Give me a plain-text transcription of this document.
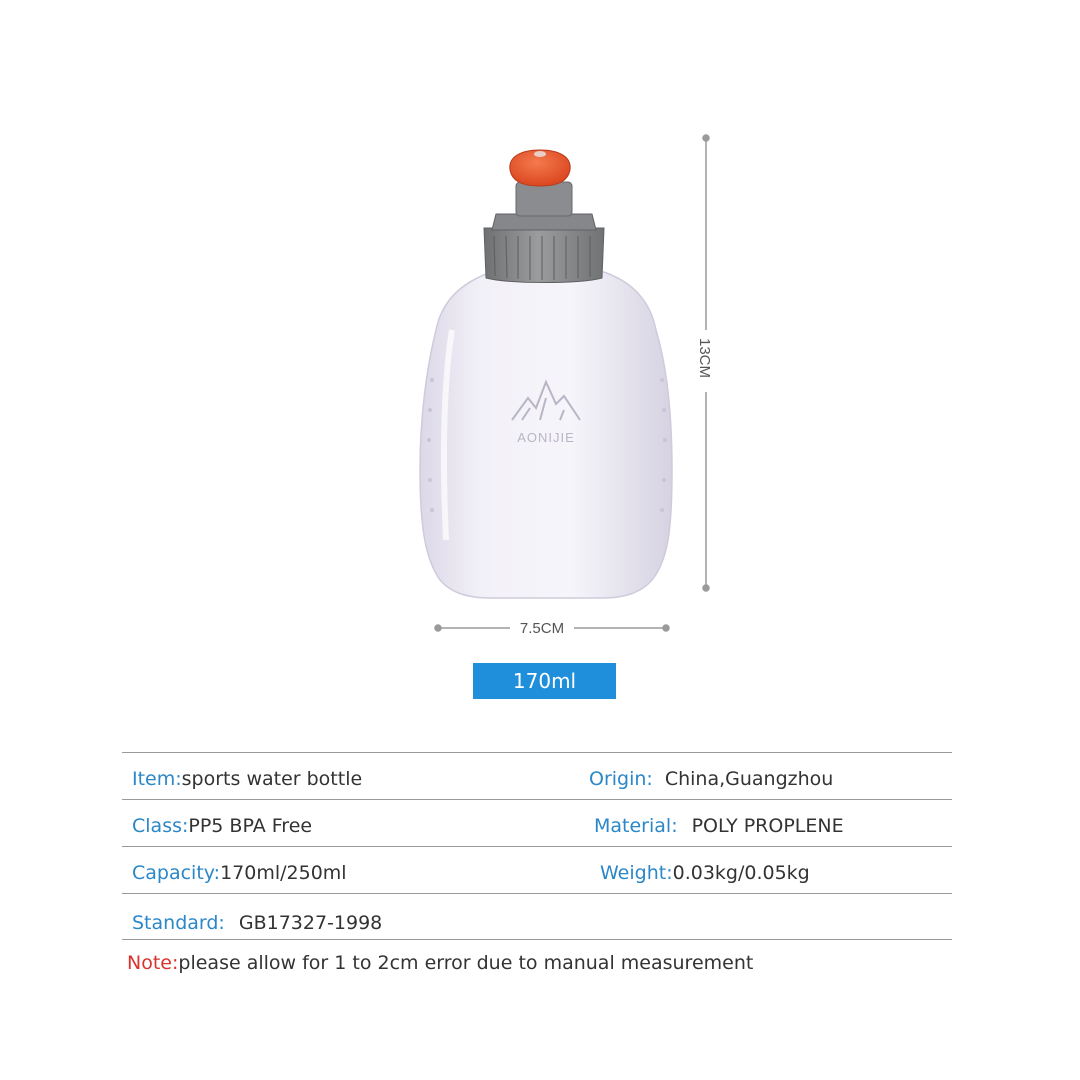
AONIJIE
13CM
7.5CM
170ml
Item:sports water bottle	Origin: China,Guangzhou
Class:PP5 BPA Free	Material: POLY PROPLENE
Capacity:170ml/250ml	Weight:0.03kg/0.05kg
Standard: GB17327-1998
Note:please allow for 1 to 2cm error due to manual measurement
